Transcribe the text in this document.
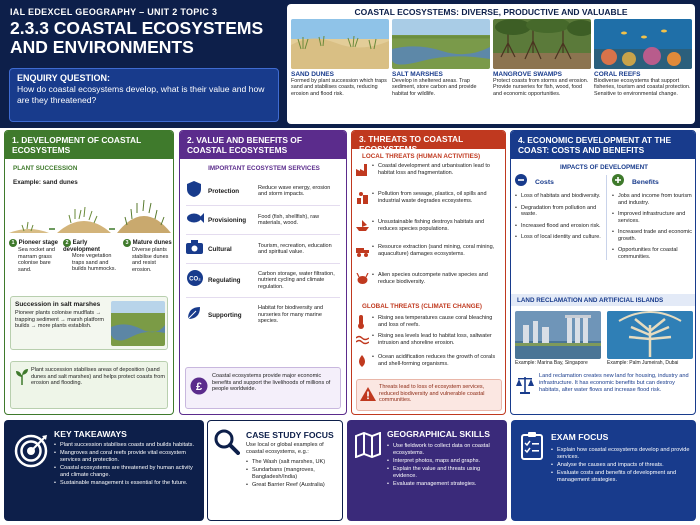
IAL EDEXCEL GEOGRAPHY – UNIT 2 TOPIC 3
2.3.3 COASTAL ECOSYSTEMS AND ENVIRONMENTS
ENQUIRY QUESTION:
How do coastal ecosystems develop, what is their value and how are they threatened?
COASTAL ECOSYSTEMS: DIVERSE, PRODUCTIVE AND VALUABLE
SAND DUNES
Formed by plant succession which traps sand and stabilises coasts, reducing erosion and flood risk.
SALT MARSHES
Develop in sheltered areas. Trap sediment, store carbon and provide habitat for wildlife.
MANGROVE SWAMPS
Protect coasts from storms and erosion. Provide nurseries for fish, wood, food and economic opportunities.
CORAL REEFS
Biodiverse ecosystems that support fisheries, tourism and coastal protection. Sensitive to environmental change.
1. DEVELOPMENT OF COASTAL ECOSYSTEMS
PLANT SUCCESSION
Example: sand dunes
1 Pioneer stage
Sea rocket and marram grass colonise bare sand.
2 Early development
More vegetation traps sand and builds hummocks.
3 Mature dunes
Diverse plants stabilise dunes and resist erosion.
Succession in salt marshes
Pioneer plants colonise mudflats → trapping sediment → marsh platform builds → more plants establish.
Plant succession stabilises areas of deposition (sand dunes and salt marshes) and helps protect coasts from erosion and flooding.
2. VALUE AND BENEFITS OF COASTAL ECOSYSTEMS
IMPORTANT ECOSYSTEM SERVICES
Protection	Reduce wave energy, erosion and storm impacts.
Provisioning	Food (fish, shellfish), raw materials, wood.
Cultural	Tourism, recreation, education and spiritual value.
CO₂ Regulating
Carbon storage, water filtration, nutrient cycling and climate regulation.
Supporting
Habitat for biodiversity and nurseries for many marine species.
£
Coastal ecosystems provide major economic benefits and support the livelihoods of millions of people worldwide.
3. THREATS TO COASTAL ECOSYSTEMS
LOCAL THREATS (HUMAN ACTIVITIES)
• Coastal development and urbanisation lead to habitat loss and fragmentation.
• Pollution from sewage, plastics, oil spills and industrial waste degrades ecosystems.
• Unsustainable fishing destroys habitats and reduces species populations.
• Resource extraction (sand mining, coral mining, aquaculture) damages ecosystems.
• Alien species outcompete native species and reduce biodiversity.
GLOBAL THREATS (CLIMATE CHANGE)
• Rising sea temperatures cause coral bleaching and loss of reefs.
• Rising sea levels lead to habitat loss, saltwater intrusion and shoreline erosion.
• Ocean acidification reduces the growth of corals and shell-forming organisms.
Threats lead to loss of ecosystem services, reduced biodiversity and vulnerable coastal communities.
4. ECONOMIC DEVELOPMENT AT THE COAST: COSTS AND BENEFITS
IMPACTS OF DEVELOPMENT
Costs
• Loss of habitats and biodiversity.
• Degradation from pollution and waste.
• Increased flood and erosion risk.
• Loss of local identity and culture.
Benefits
• Jobs and income from tourism and industry.
• Improved infrastructure and services.
• Increased trade and economic growth.
• Opportunities for coastal communities.
LAND RECLAMATION AND ARTIFICIAL ISLANDS
Example: Marina Bay, Singapore	Example: Palm Jumeirah, Dubai
Land reclamation creates new land for housing, industry and infrastructure. It has economic benefits but can destroy habitats, alter water flows and increase flood risk.
KEY TAKEAWAYS
• Plant succession stabilises coasts and builds habitats.
• Mangroves and coral reefs provide vital ecosystem services and protection.
• Coastal ecosystems are threatened by human activity and climate change.
• Sustainable management is essential for the future.
CASE STUDY FOCUS
Use local or global examples of coastal ecosystems, e.g.:
• The Wash (salt marshes, UK)
• Sundarbans (mangroves, Bangladesh/India)
• Great Barrier Reef (Australia)
GEOGRAPHICAL SKILLS
• Use fieldwork to collect data on coastal ecosystems.
• Interpret photos, maps and graphs.
• Explain the value and threats using evidence.
• Evaluate management strategies.
EXAM FOCUS
• Explain how coastal ecosystems develop and provide services.
• Analyse the causes and impacts of threats.
• Evaluate costs and benefits of development and management strategies.
